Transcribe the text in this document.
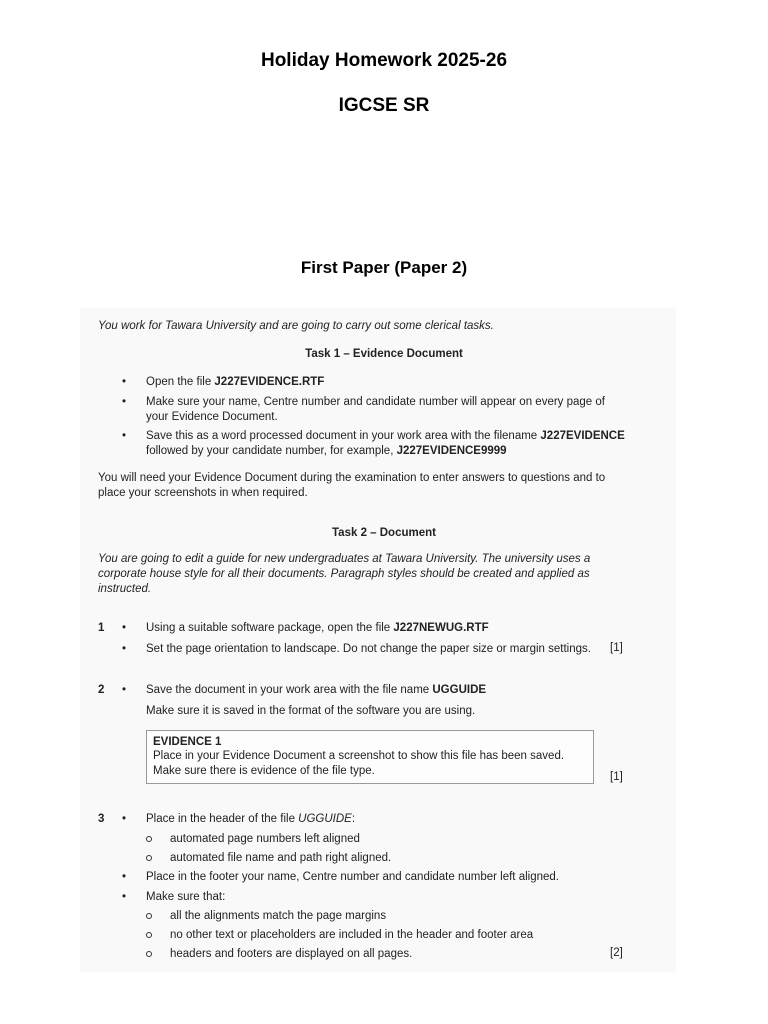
Holiday Homework 2025-26
IGCSE SR
First Paper (Paper 2)
You work for Tawara University and are going to carry out some clerical tasks.
Task 1 – Evidence Document
• Open the file J227EVIDENCE.RTF
• Make sure your name, Centre number and candidate number will appear on every page of
your Evidence Document.
• Save this as a word processed document in your work area with the filename J227EVIDENCE
followed by your candidate number, for example, J227EVIDENCE9999
You will need your Evidence Document during the examination to enter answers to questions and to
place your screenshots in when required.
Task 2 – Document
You are going to edit a guide for new undergraduates at Tawara University. The university uses a
corporate house style for all their documents. Paragraph styles should be created and applied as
instructed.
1 • Using a suitable software package, open the file J227NEWUG.RTF
• Set the page orientation to landscape. Do not change the paper size or margin settings. [1]
2 • Save the document in your work area with the file name UGGUIDE
Make sure it is saved in the format of the software you are using.
EVIDENCE 1
Place in your Evidence Document a screenshot to show this file has been saved.
Make sure there is evidence of the file type.	[1]
3 • Place in the header of the file UGGUIDE:
automated page numbers left aligned
automated file name and path right aligned.
• Place in the footer your name, Centre number and candidate number left aligned.
• Make sure that:
all the alignments match the page margins
no other text or placeholders are included in the header and footer area
headers and footers are displayed on all pages.	[2]
